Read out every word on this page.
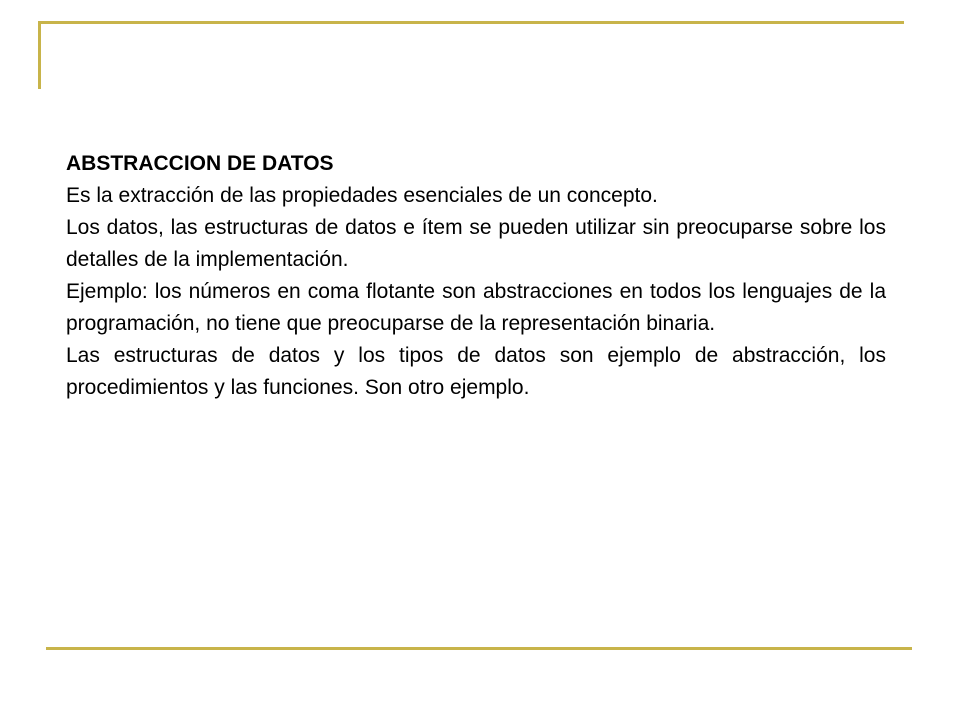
ABSTRACCION DE DATOS

Es la extracción de las propiedades esenciales de un concepto.

Los datos, las estructuras de datos e ítem se pueden utilizar sin preocuparse sobre los detalles de la implementación.

Ejemplo: los números en coma flotante son abstracciones en todos los lenguajes de la programación, no tiene que preocuparse de la representación binaria.

Las estructuras de datos y los tipos de datos son ejemplo de abstracción, los procedimientos y las funciones. Son otro ejemplo.
